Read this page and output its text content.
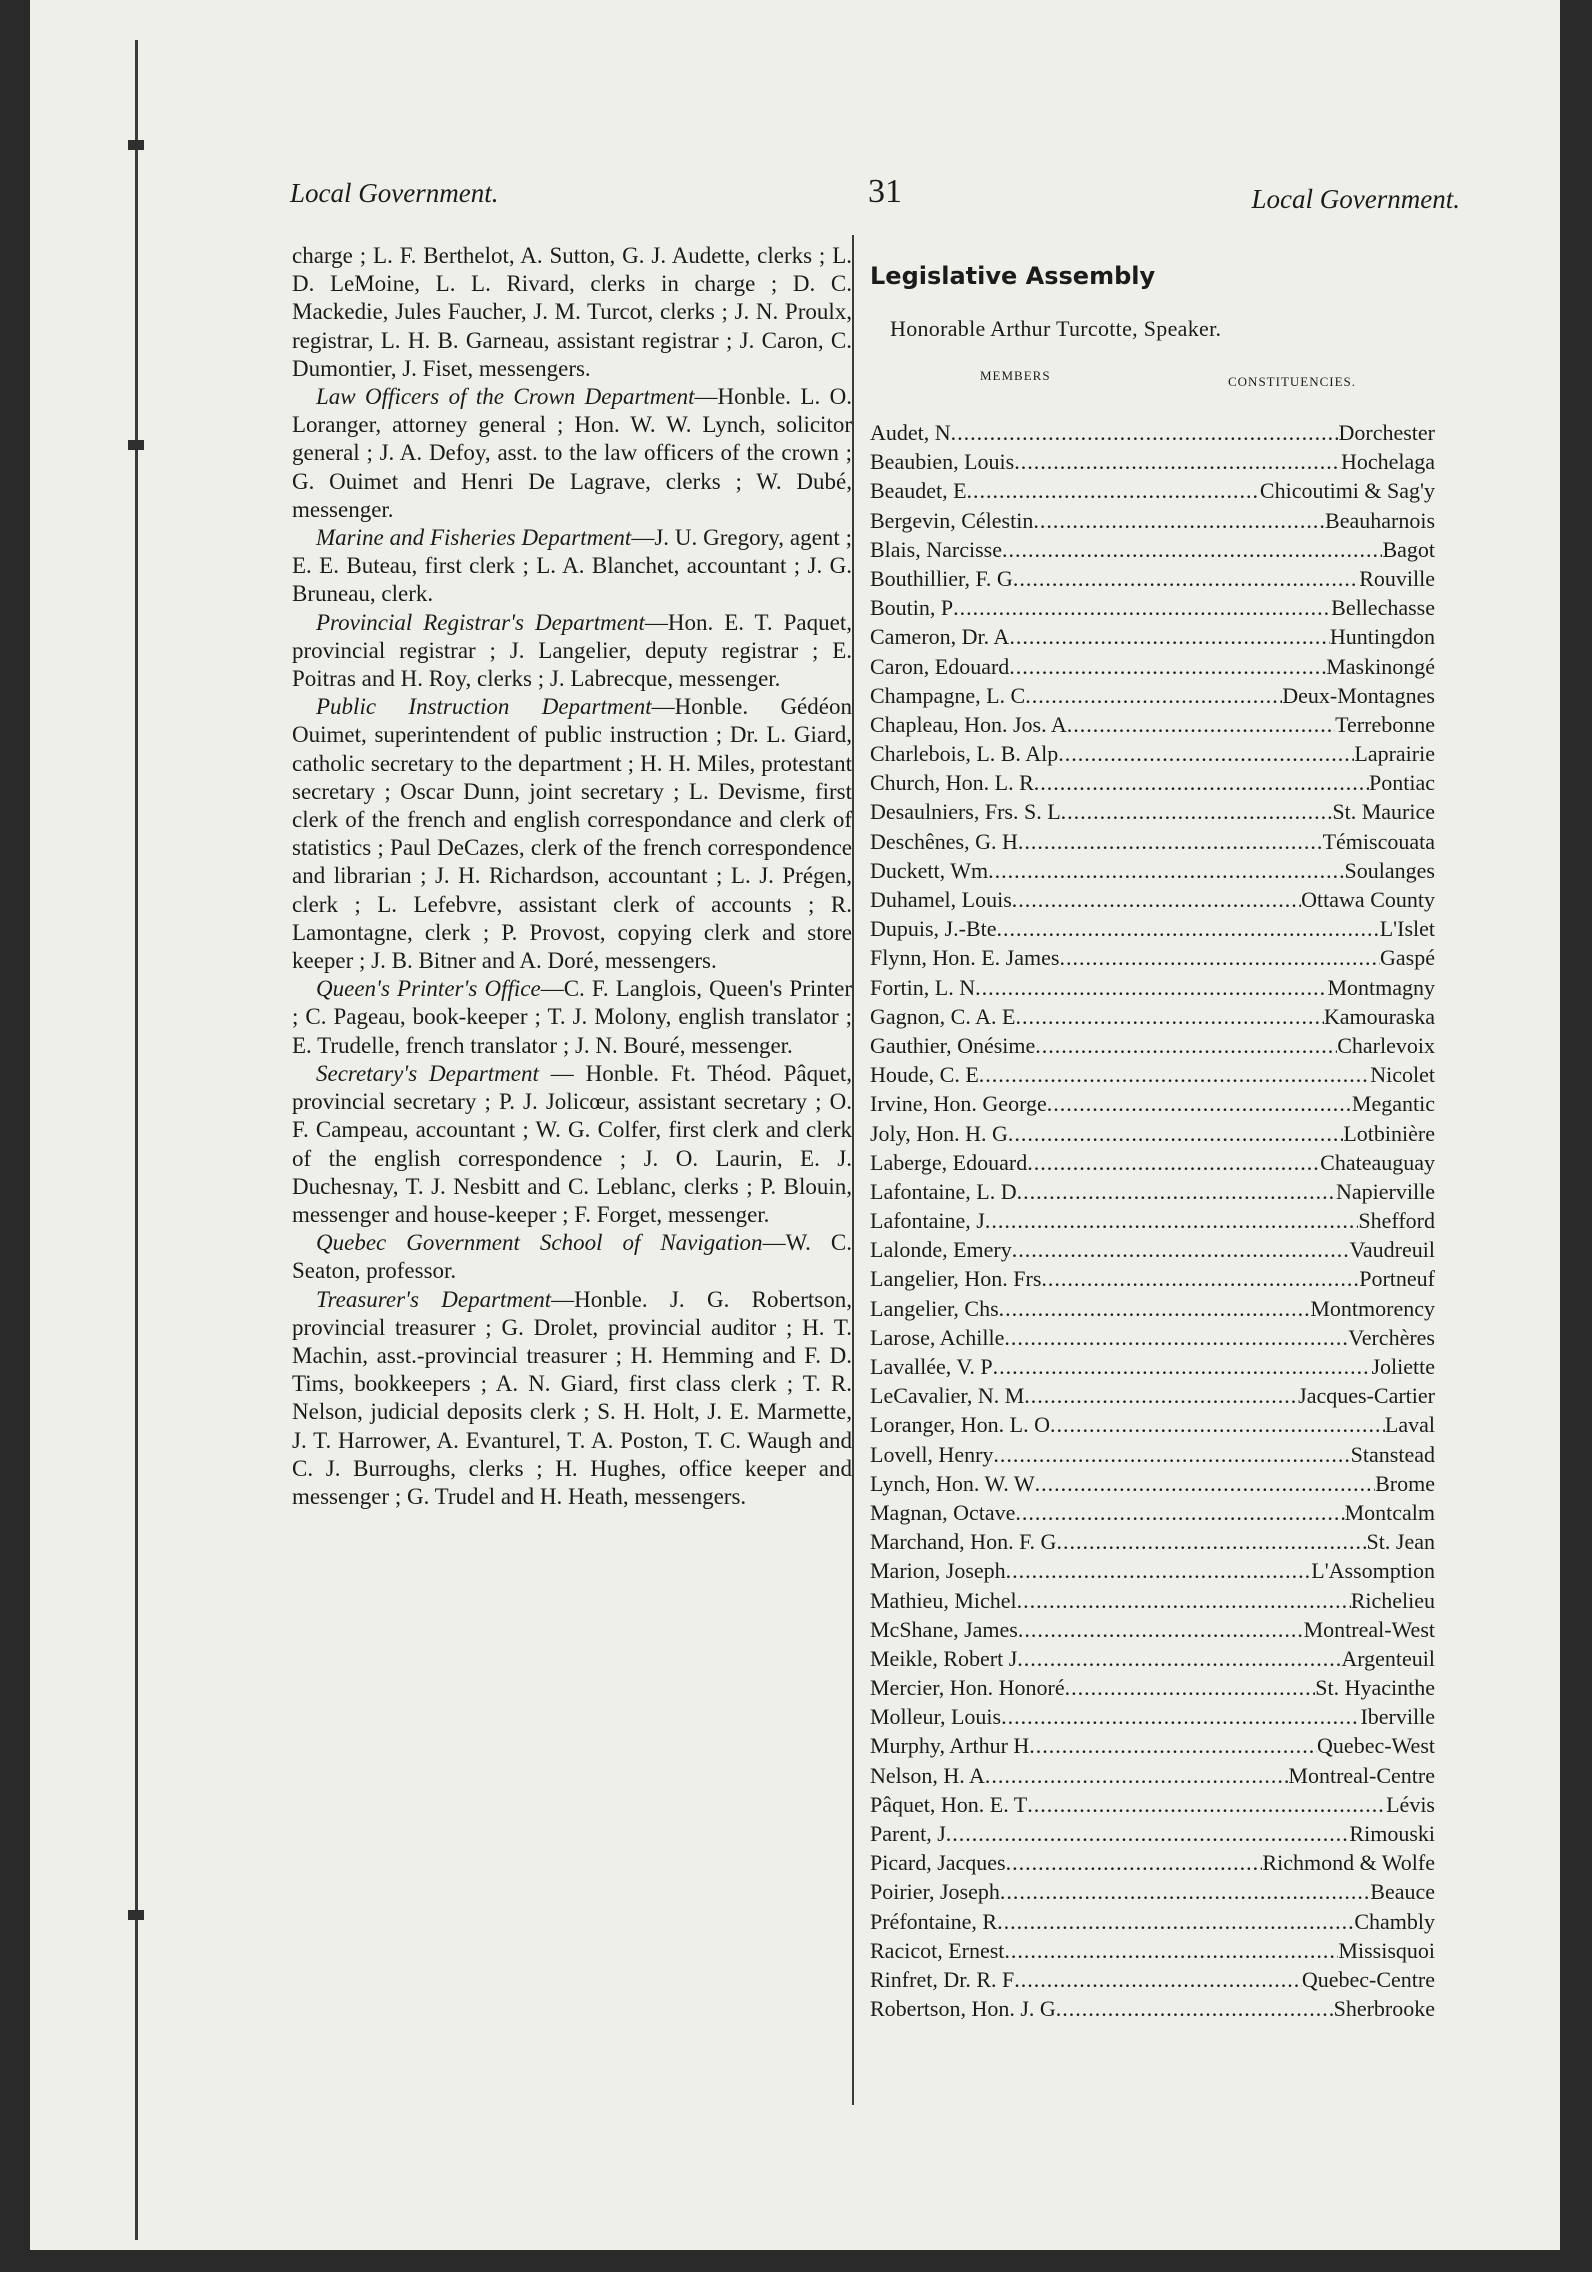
Local Government.	31	Local Government.

charge ; L. F. Berthelot, A. Sutton, G. J. Audette, clerks ; L. D. LeMoine, L. L. Rivard, clerks in charge ; D. C. Mackedie, Jules Faucher, J. M. Turcot, clerks ; J. N. Proulx, registrar, L. H. B. Garneau, assistant registrar ; J. Caron, C. Dumontier, J. Fiset, messengers.

Law Officers of the Crown Department—Honble. L. O. Loranger, attorney general ; Hon. W. W. Lynch, solicitor general ; J. A. Defoy, asst. to the law officers of the crown ; G. Ouimet and Henri De Lagrave, clerks ; W. Dubé, messenger.

Marine and Fisheries Department—J. U. Gregory, agent ; E. E. Buteau, first clerk ; L. A. Blanchet, accountant ; J. G. Bruneau, clerk.

Provincial Registrar's Department—Hon. E. T. Paquet, provincial registrar ; J. Langelier, deputy registrar ; E. Poitras and H. Roy, clerks ; J. Labrecque, messenger.

Public Instruction Department—Honble. Gédéon Ouimet, superintendent of public instruction ; Dr. L. Giard, catholic secretary to the department ; H. H. Miles, protestant secretary ; Oscar Dunn, joint secretary ; L. Devisme, first clerk of the french and english correspondance and clerk of statistics ; Paul DeCazes, clerk of the french correspondence and librarian ; J. H. Richardson, accountant ; L. J. Prégen, clerk ; L. Lefebvre, assistant clerk of accounts ; R. Lamontagne, clerk ; P. Provost, copying clerk and store keeper ; J. B. Bitner and A. Doré, messengers.

Queen's Printer's Office—C. F. Langlois, Queen's Printer ; C. Pageau, book-keeper ; T. J. Molony, english translator ; E. Trudelle, french translator ; J. N. Bouré, messenger.

Secretary's Department — Honble. Ft. Théod. Pâquet, provincial secretary ; P. J. Jolicœur, assistant secretary ; O. F. Campeau, accountant ; W. G. Colfer, first clerk and clerk of the english correspondence ; J. O. Laurin, E. J. Duchesnay, T. J. Nesbitt and C. Leblanc, clerks ; P. Blouin, messenger and house-keeper ; F. Forget, messenger.

Quebec Government School of Navigation—W. C. Seaton, professor.

Treasurer's Department—Honble. J. G. Robertson, provincial treasurer ; G. Drolet, provincial auditor ; H. T. Machin, asst.-provincial treasurer ; H. Hemming and F. D. Tims, bookkeepers ; A. N. Giard, first class clerk ; T. R. Nelson, judicial deposits clerk ; S. H. Holt, J. E. Marmette, J. T. Harrower, A. Evanturel, T. A. Poston, T. C. Waugh and C. J. Burroughs, clerks ; H. Hughes, office keeper and messenger ; G. Trudel and H. Heath, messengers.

Legislative Assembly
Honorable Arthur Turcotte, Speaker.
MEMBERS	CONSTITUENCIES.
Audet, N .....	Dorchester
Beaubien, Louis .....	Hochelaga
Beaudet, E .....	Chicoutimi & Sag'y
Bergevin, Célestin .....	Beauharnois
Blais, Narcisse .....	Bagot
Bouthillier, F. G .....	Rouville
Boutin, P .....	Bellechasse
Cameron, Dr. A .....	Huntingdon
Caron, Edouard .....	Maskinongé
Champagne, L. C .....	Deux-Montagnes
Chapleau, Hon. Jos. A .....	Terrebonne
Charlebois, L. B. Alp .....	Laprairie
Church, Hon. L. R .....	Pontiac
Desaulniers, Frs. S. L .....	St. Maurice
Deschênes, G. H .....	Témiscouata
Duckett, Wm .....	Soulanges
Duhamel, Louis .....	Ottawa County
Dupuis, J.-Bte .....	L'Islet
Flynn, Hon. E. James .....	Gaspé
Fortin, L. N .....	Montmagny
Gagnon, C. A. E .....	Kamouraska
Gauthier, Onésime .....	Charlevoix
Houde, C. E .....	Nicolet
Irvine, Hon. George .....	Megantic
Joly, Hon. H. G .....	Lotbinière
Laberge, Edouard .....	Chateauguay
Lafontaine, L. D .....	Napierville
Lafontaine, J .....	Shefford
Lalonde, Emery .....	Vaudreuil
Langelier, Hon. Frs .....	Portneuf
Langelier, Chs .....	Montmorency
Larose, Achille .....	Verchères
Lavallée, V. P .....	Joliette
LeCavalier, N. M .....	Jacques-Cartier
Loranger, Hon. L. O .....	Laval
Lovell, Henry .....	Stanstead
Lynch, Hon. W. W .....	Brome
Magnan, Octave .....	Montcalm
Marchand, Hon. F. G .....	St. Jean
Marion, Joseph .....	L'Assomption
Mathieu, Michel .....	Richelieu
McShane, James .....	Montreal-West
Meikle, Robert J .....	Argenteuil
Mercier, Hon. Honoré .....	St. Hyacinthe
Molleur, Louis .....	Iberville
Murphy, Arthur H .....	Quebec-West
Nelson, H. A .....	Montreal-Centre
Pâquet, Hon. E. T .....	Lévis
Parent, J .....	Rimouski
Picard, Jacques .....	Richmond & Wolfe
Poirier, Joseph .....	Beauce
Préfontaine, R .....	Chambly
Racicot, Ernest .....	Missisquoi
Rinfret, Dr. R. F .....	Quebec-Centre
Robertson, Hon. J. G .....	Sherbrooke
